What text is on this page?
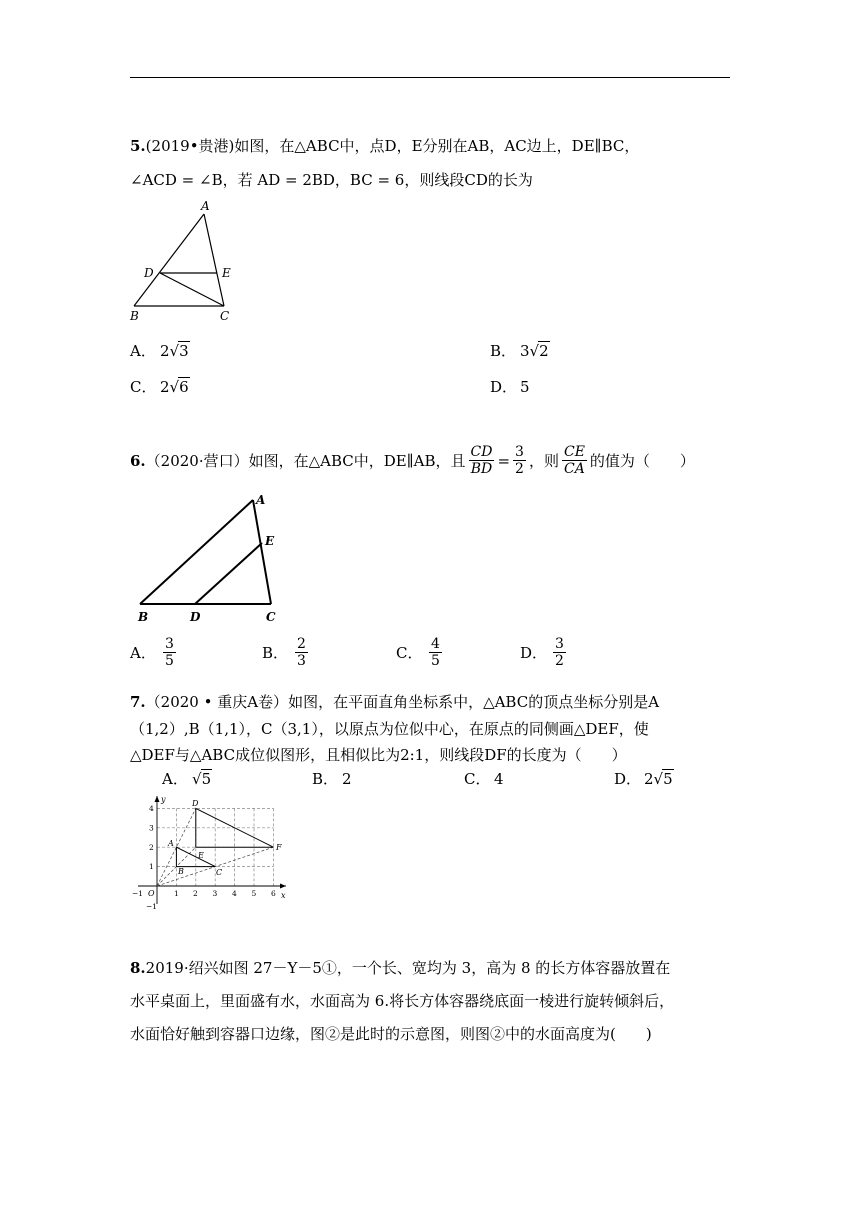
5.(2019•贵港)如图，在△ABC中，点D，E分别在AB，AC边上，DE∥BC，
∠ACD = ∠B，若 AD = 2BD，BC = 6，则线段CD的长为
A
D	E
B	C
A． 2√3	B． 3√2
C． 2√6	D． 5
6. （2020·营口）如图，在△ABC中，DE∥AB，且 $\frac{CD}{BD} = \frac{3}{2}$ ，则 $\frac{CE}{CA}$ 的值为（　　）
A
E
B	D	C
A． $\frac{3}{5}$	B． $\frac{2}{3}$	C． $\frac{4}{5}$	D． $\frac{3}{2}$
7.（2020 • 重庆A卷）如图，在平面直角坐标系中，△ABC的顶点坐标分别是A
（1,2）,B（1,1），C（3,1），以原点为位似中心，在原点的同侧画△DEF，使
△DEF与△ABC成位似图形，且相似比为2:1，则线段DF的长度为（　　）
A． √5	B． 2	C． 4	D． 2√5
y
x
O
−1	1 2 3 4 5 6
4
3
2
1
−1
D
A
E
F
B	C
8.2019·绍兴如图 27－Y－5①，一个长、宽均为 3，高为 8 的长方体容器放置在
水平桌面上，里面盛有水，水面高为 6.将长方体容器绕底面一棱进行旋转倾斜后，
水面恰好触到容器口边缘，图②是此时的示意图，则图②中的水面高度为(　　)
